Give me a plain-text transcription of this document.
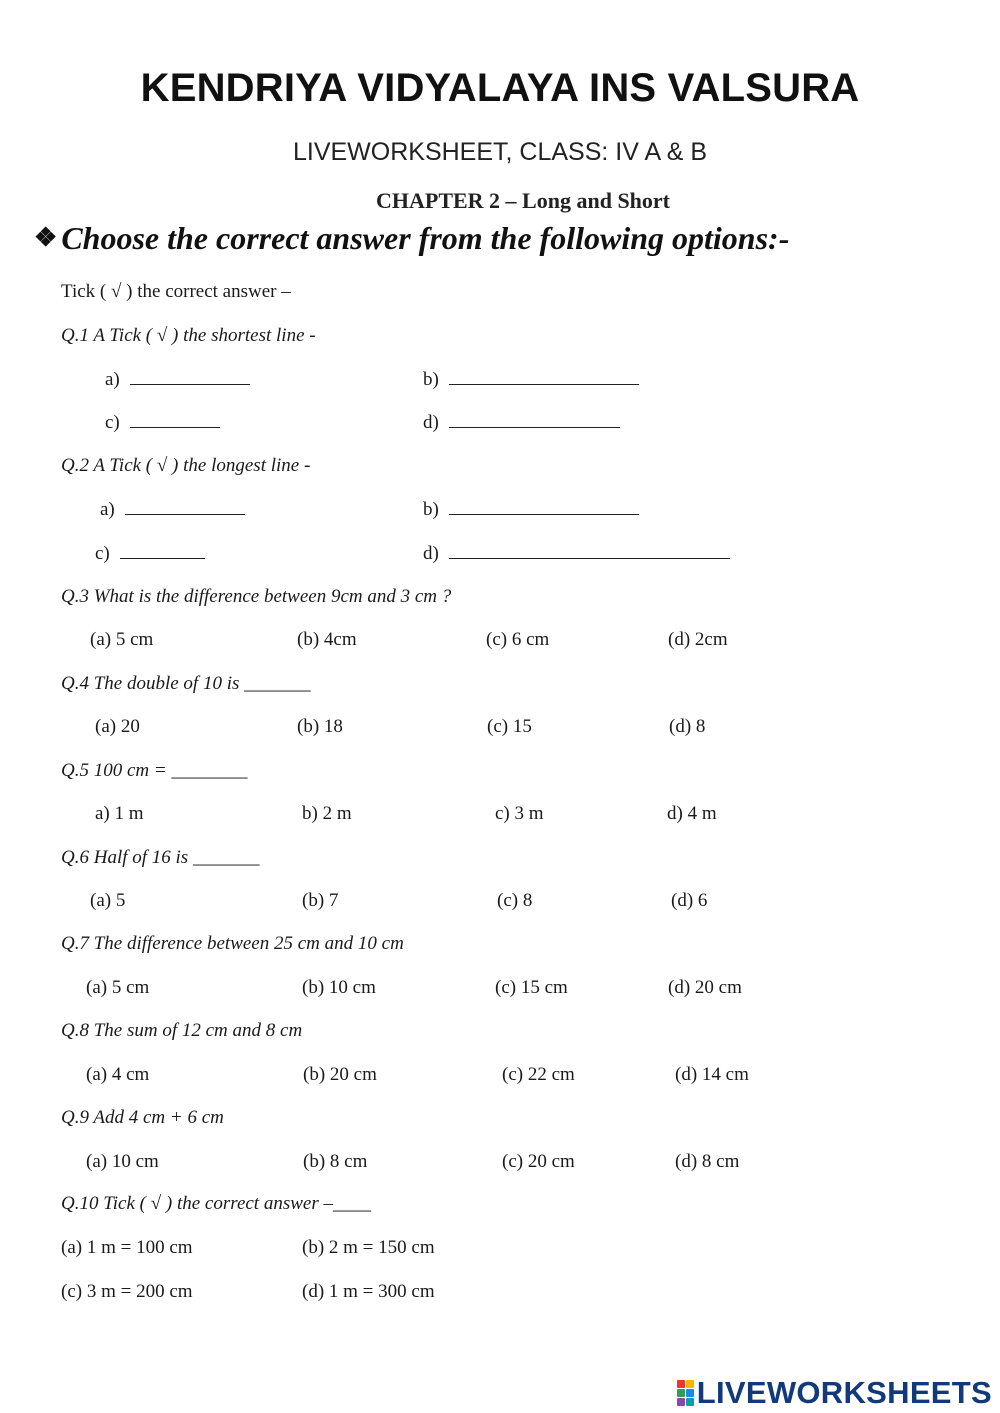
KENDRIYA VIDYALAYA INS VALSURA
LIVEWORKSHEET, CLASS: IV A & B
CHAPTER 2 – Long and Short
❖ Choose the correct answer from the following options:-
Tick ( √ ) the correct answer –
Q.1 A Tick ( √ ) the shortest line -
a)	b)
c)	d)
Q.2 A Tick ( √ ) the longest line -
a)	b)
c)	d)
Q.3 What is the difference between 9cm and 3 cm ?
(a) 5 cm	(b) 4cm	(c) 6 cm	(d) 2cm
Q.4 The double of 10 is _______
(a) 20	(b) 18	(c) 15	(d) 8
Q.5 100 cm = ________
a) 1 m	b) 2 m	c) 3 m	d) 4 m
Q.6 Half of 16 is _______
(a) 5	(b) 7	(c) 8	(d) 6
Q.7 The difference between 25 cm and 10 cm
(a) 5 cm	(b) 10 cm	(c) 15 cm	(d) 20 cm
Q.8 The sum of 12 cm and 8 cm
(a) 4 cm	(b) 20 cm	(c) 22 cm	(d) 14 cm
Q.9 Add 4 cm + 6 cm
(a) 10 cm	(b) 8 cm	(c) 20 cm	(d) 8 cm
Q.10 Tick ( √ ) the correct answer –____
(a) 1 m = 100 cm	(b) 2 m = 150 cm
(c) 3 m = 200 cm	(d) 1 m = 300 cm
LIVEWORKSHEETS
